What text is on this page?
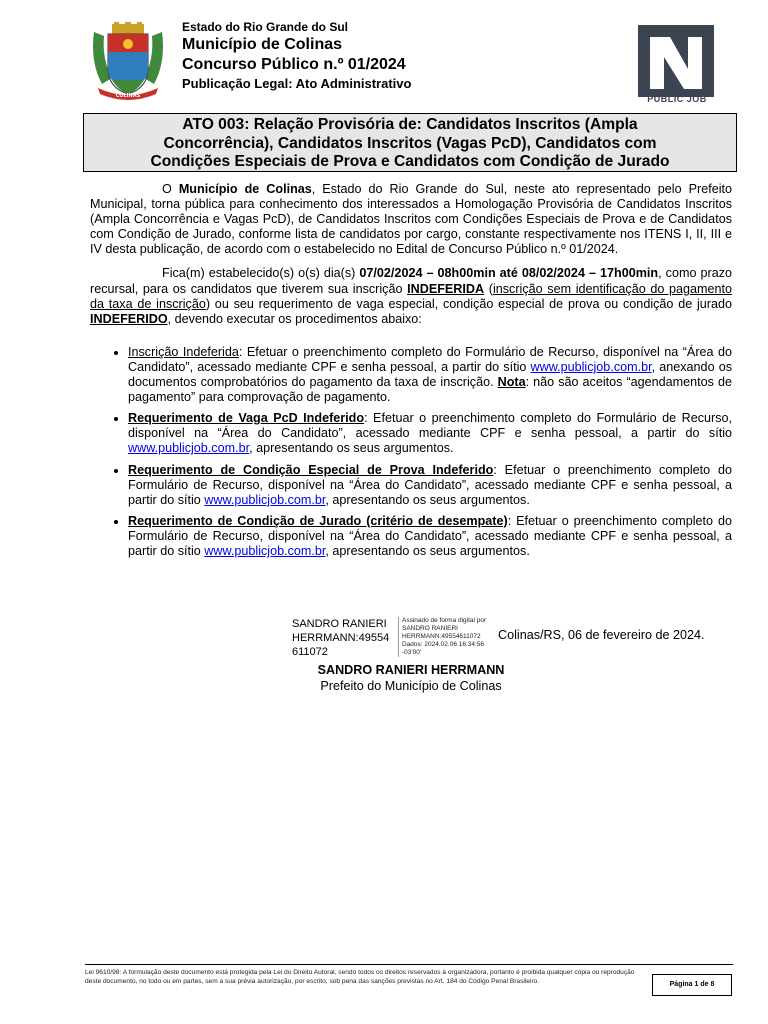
COLINAS
Estado do Rio Grande do Sul
Município de Colinas
Concurso Público n.º 01/2024
Publicação Legal: Ato Administrativo
PUBLIC JOB
ATO 003: Relação Provisória de: Candidatos Inscritos (Ampla
Concorrência), Candidatos Inscritos (Vagas PcD), Candidatos com
Condições Especiais de Prova e Candidatos com Condição de Jurado

O Município de Colinas, Estado do Rio Grande do Sul, neste ato representado pelo Prefeito Municipal, torna pública para conhecimento dos interessados a Homologação Provisória de Candidatos Inscritos (Ampla Concorrência e Vagas PcD), de Candidatos Inscritos com Condições Especiais de Prova e de Candidatos com Condição de Jurado, conforme lista de candidatos por cargo, constante respectivamente nos ITENS I, II, III e IV desta publicação, de acordo com o estabelecido no Edital de Concurso Público n.º 01/2024.

Fica(m) estabelecido(s) o(s) dia(s) 07/02/2024 – 08h00min até 08/02/2024 – 17h00min, como prazo recursal, para os candidatos que tiverem sua inscrição INDEFERIDA (inscrição sem identificação do pagamento da taxa de inscrição) ou seu requerimento de vaga especial, condição especial de prova ou condição de jurado INDEFERIDO, devendo executar os procedimentos abaixo:

• Inscrição Indeferida: Efetuar o preenchimento completo do Formulário de Recurso, disponível na “Área do Candidato”, acessado mediante CPF e senha pessoal, a partir do sítio www.publicjob.com.br, anexando os documentos comprobatórios do pagamento da taxa de inscrição. Nota: não são aceitos “agendamentos de pagamento” para comprovação de pagamento.
• Requerimento de Vaga PcD Indeferido: Efetuar o preenchimento completo do Formulário de Recurso, disponível na “Área do Candidato”, acessado mediante CPF e senha pessoal, a partir do sítio www.publicjob.com.br, apresentando os seus argumentos.
• Requerimento de Condição Especial de Prova Indeferido: Efetuar o preenchimento completo do Formulário de Recurso, disponível na “Área do Candidato”, acessado mediante CPF e senha pessoal, a partir do sítio www.publicjob.com.br, apresentando os seus argumentos.
• Requerimento de Condição de Jurado (critério de desempate): Efetuar o preenchimento completo do Formulário de Recurso, disponível na “Área do Candidato”, acessado mediante CPF e senha pessoal, a partir do sítio www.publicjob.com.br, apresentando os seus argumentos.
SANDRO RANIERI
HERRMANN:49554
611072
Assinado de forma digital por
SANDRO RANIERI
HERRMANN:49554611072
Dados: 2024.02.06 16:34:56
-03'00'
Colinas/RS, 06 de fevereiro de 2024.
SANDRO RANIERI HERRMANN
Prefeito do Município de Colinas
Lei 9610/98: A formulação deste documento está protegida pela Lei do Direito Autoral, sendo todos os direitos reservados à organizadora, portanto é proibida qualquer cópia ou reprodução deste documento, no todo ou em partes, sem a sua prévia autorização, por escrito, sob pena das sanções previstas no Art. 184 do Código Penal Brasileiro.	Página 1 de 8
